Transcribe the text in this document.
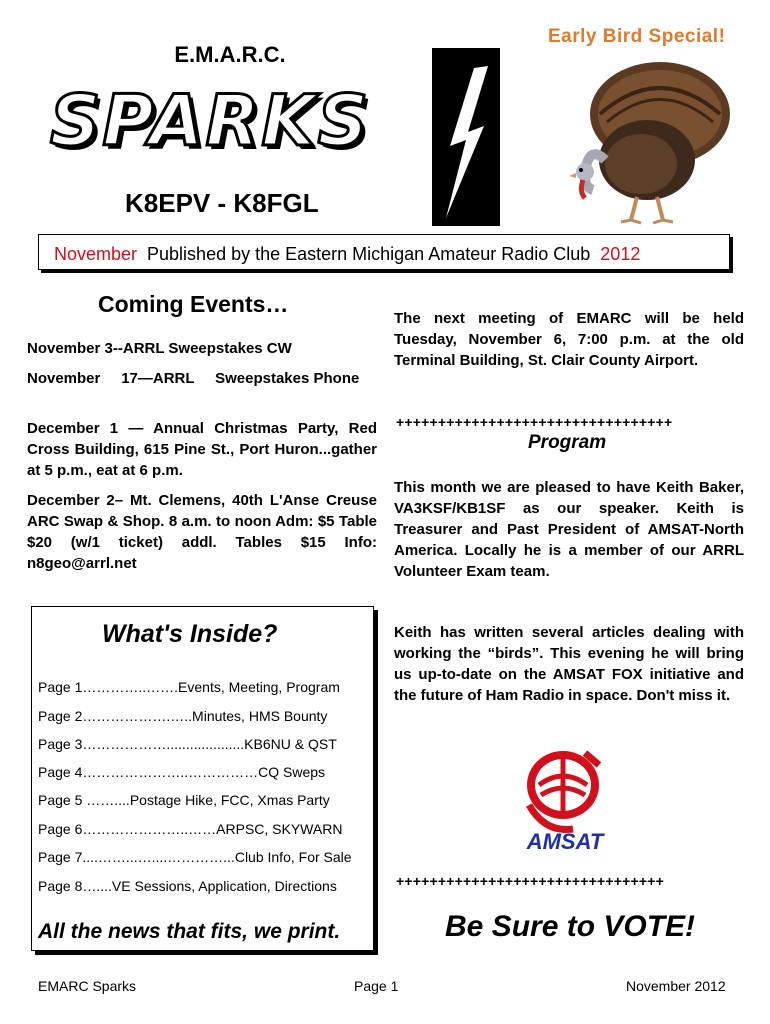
E.M.A.R.C.
SPARKS
K8EPV - K8FGL
Early Bird Special!
November  Published by the Eastern Michigan Amateur Radio Club  2012
Coming Events…
November 3--ARRL Sweepstakes CW
November     17—ARRL     Sweepstakes Phone
December 1 — Annual Christmas Party, Red Cross Building, 615 Pine St., Port Huron...gather at 5 p.m., eat at 6 p.m.
December 2– Mt. Clemens, 40th L'Anse Creuse ARC Swap & Shop. 8 a.m. to noon Adm: $5 Table $20 (w/1 ticket) addl. Tables $15 Info: n8geo@arrl.net
What's Inside?
Page 1…………..…….Events, Meeting, Program
Page 2……………….…..Minutes, HMS Bounty
Page 3………………....................KB6NU & QST
Page 4…………………..……………CQ Sweps
Page 5 ……....Postage Hike, FCC, Xmas Party
Page 6…………………..……ARPSC, SKYWARN
Page 7....……...…....…………...Club Info, For Sale
Page 8…....VE Sessions, Application, Directions
All the news that fits, we print.
The next meeting of EMARC will be held Tuesday, November 6, 7:00 p.m. at the old Terminal Building, St. Clair County Airport.
+++++++++++++++++++++++++++++++++
Program
This month we are pleased to have Keith Baker, VA3KSF/KB1SF as our speaker. Keith is Treasurer and Past President of AMSAT-North America. Locally he is a member of our ARRL Volunteer Exam team.
Keith has written several articles dealing with working the “birds”. This evening he will bring us up-to-date on the AMSAT FOX initiative and the future of Ham Radio in space. Don't miss it.
AMSAT
++++++++++++++++++++++++++++++++
Be Sure to VOTE!
EMARC Sparks	Page 1	November 2012
